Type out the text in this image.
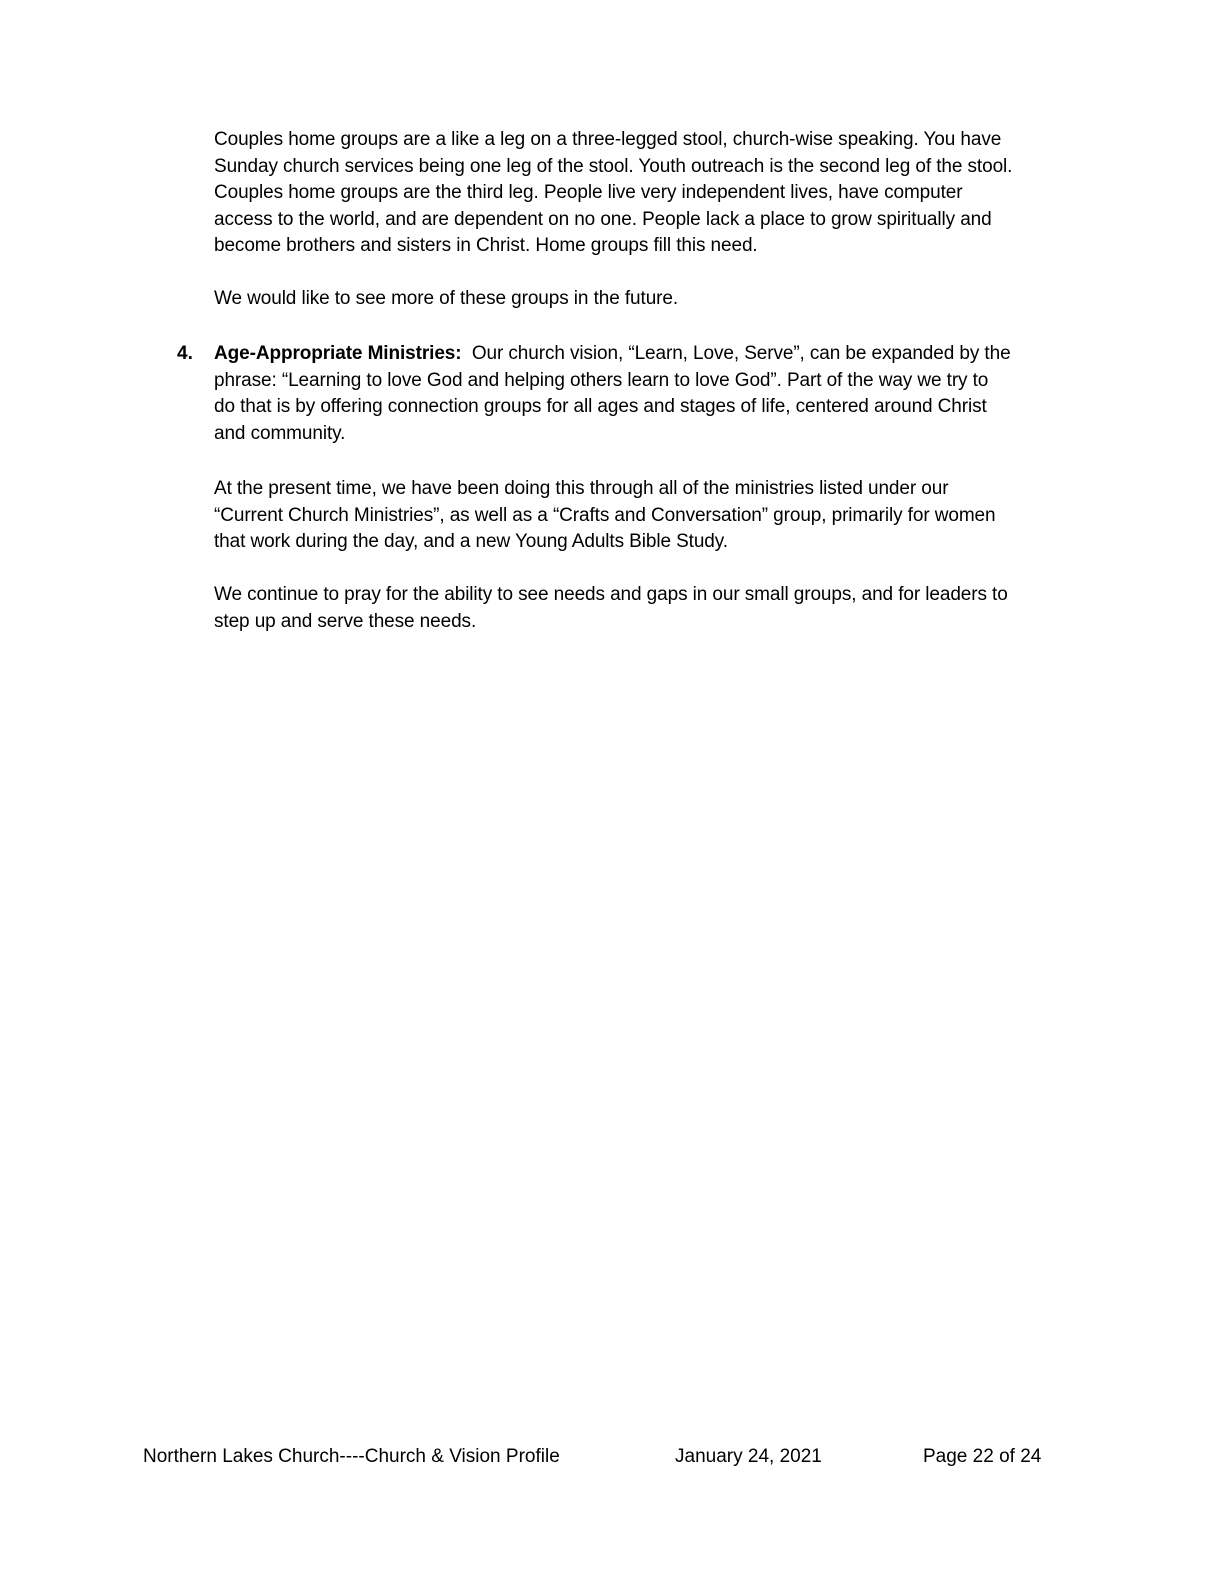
Couples home groups are a like a leg on a three-legged stool, church-wise speaking. You have
Sunday church services being one leg of the stool. Youth outreach is the second leg of the stool.
Couples home groups are the third leg. People live very independent lives, have computer
access to the world, and are dependent on no one. People lack a place to grow spiritually and
become brothers and sisters in Christ. Home groups fill this need.
We would like to see more of these groups in the future.
4. Age-Appropriate Ministries:  Our church vision, “Learn, Love, Serve”, can be expanded by the
phrase: “Learning to love God and helping others learn to love God”. Part of the way we try to
do that is by offering connection groups for all ages and stages of life, centered around Christ
and community.
At the present time, we have been doing this through all of the ministries listed under our
“Current Church Ministries”, as well as a “Crafts and Conversation” group, primarily for women
that work during the day, and a new Young Adults Bible Study.
We continue to pray for the ability to see needs and gaps in our small groups, and for leaders to
step up and serve these needs.
Northern Lakes Church----Church & Vision Profile	January 24, 2021	Page 22 of 24
